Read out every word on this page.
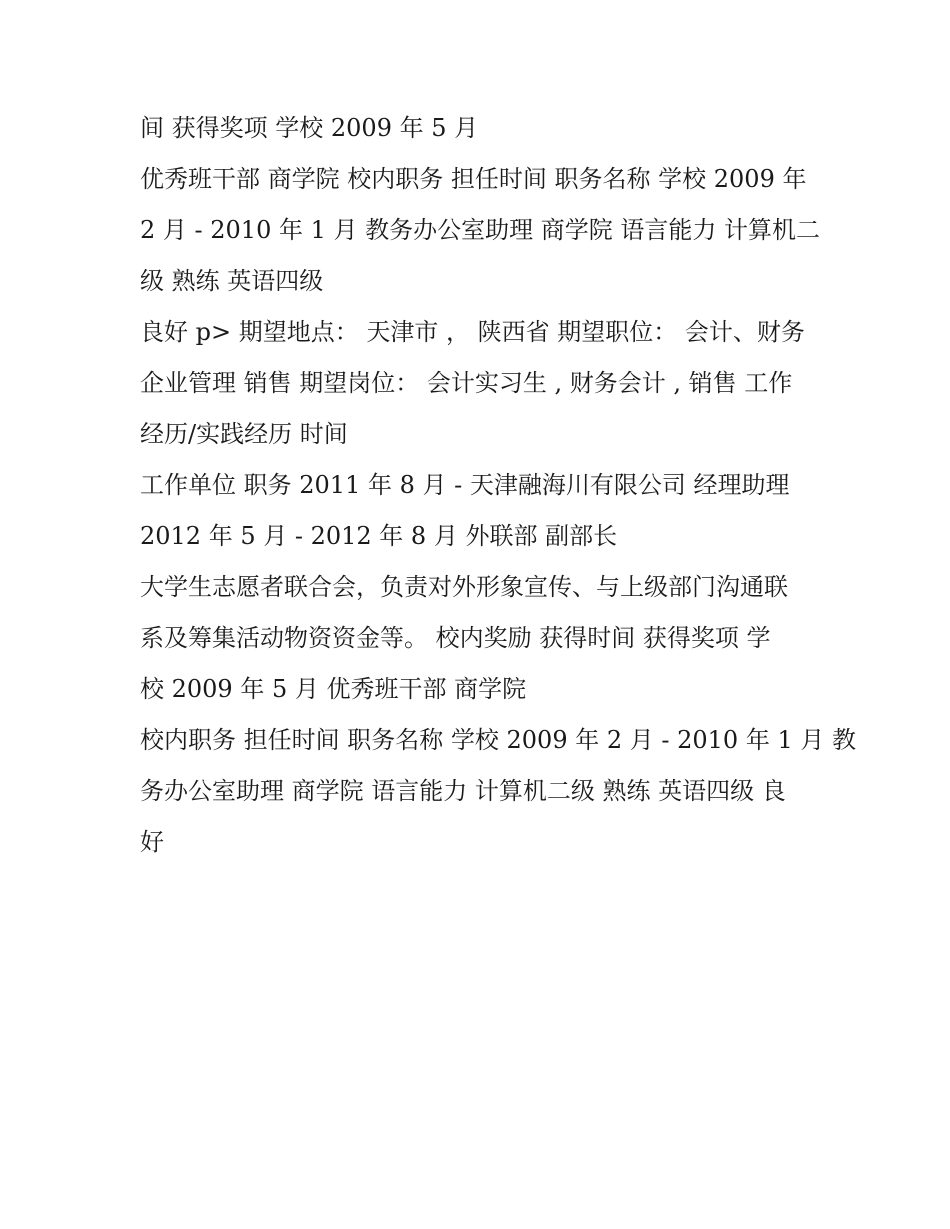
间 获得奖项 学校 2009 年 5 月

优秀班干部 商学院 校内职务 担任时间 职务名称 学校 2009 年

2 月 - 2010 年 1 月 教务办公室助理 商学院 语言能力 计算机二

级 熟练 英语四级

良好 p> 期望地点： 天津市 ， 陕西省 期望职位： 会计、财务

企业管理 销售 期望岗位： 会计实习生 , 财务会计 , 销售 工作

经历/实践经历 时间

工作单位 职务 2011 年 8 月 - 天津融海川有限公司 经理助理

2012 年 5 月 - 2012 年 8 月 外联部 副部长

大学生志愿者联合会，负责对外形象宣传、与上级部门沟通联

系及筹集活动物资资金等。 校内奖励 获得时间 获得奖项 学

校 2009 年 5 月 优秀班干部 商学院

校内职务 担任时间 职务名称 学校 2009 年 2 月 - 2010 年 1 月 教

务办公室助理 商学院 语言能力 计算机二级 熟练 英语四级 良

好
